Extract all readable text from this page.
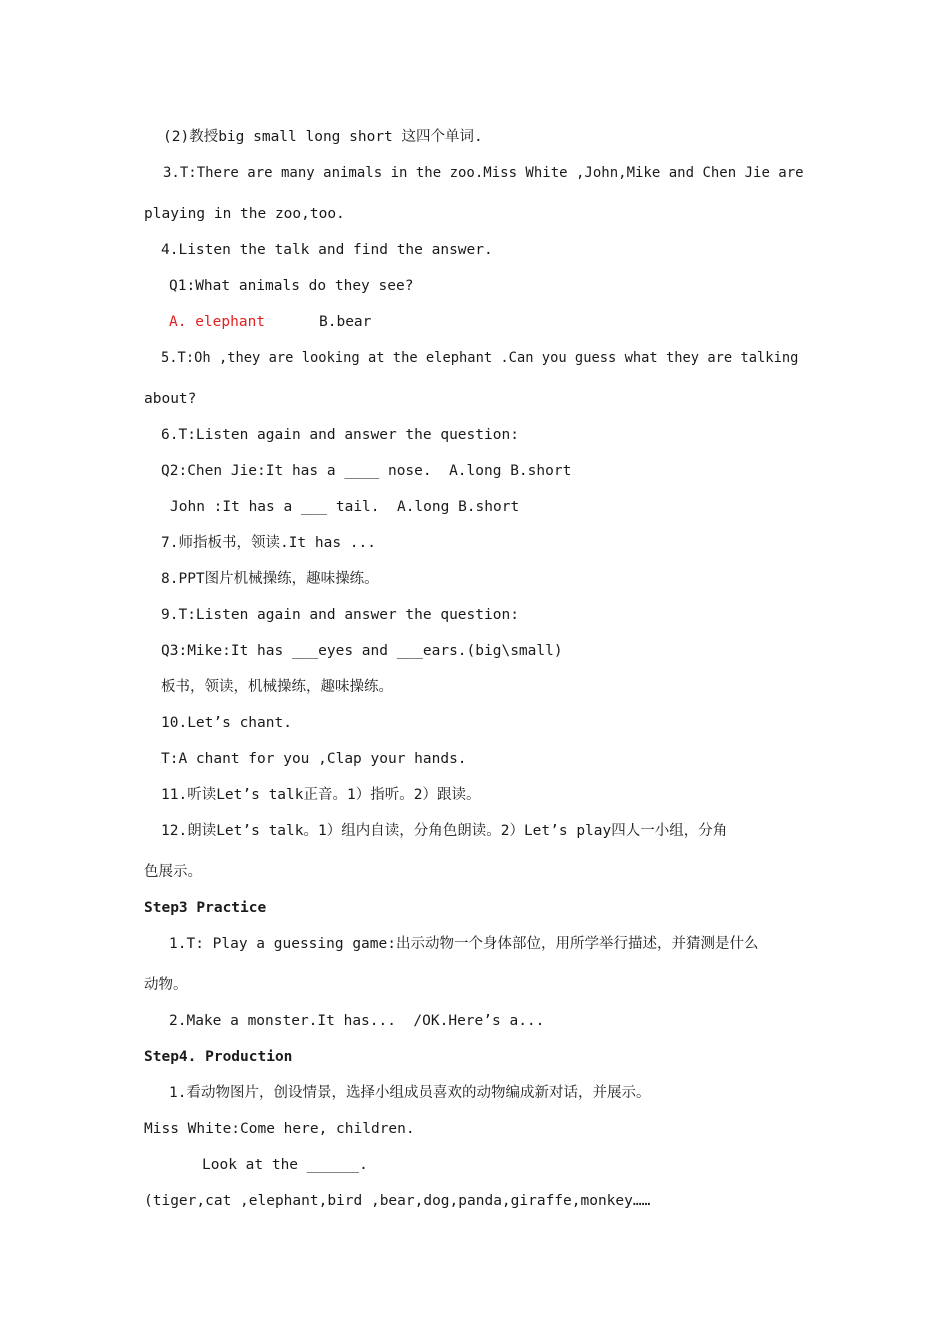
(2)教授big small long short 这四个单词.
3.T:There are many animals in the zoo.Miss White ,John,Mike and Chen Jie are
playing in the zoo,too.
4.Listen the talk and find the answer.
Q1:What animals do they see?
A. elephant	B.bear
5.T:Oh ,they are looking at the elephant .Can you guess what they are talking
about?
6.T:Listen again and answer the question:
Q2:Chen Jie:It has a ____ nose.  A.long B.short
John :It has a ___ tail.  A.long B.short
7.师指板书，领读.It has ...
8.PPT图片机械操练，趣味操练。
9.T:Listen again and answer the question:
Q3:Mike:It has ___eyes and ___ears.(big\small)
板书，领读，机械操练，趣味操练。
10.Let’s chant.
T:A chant for you ,Clap your hands.
11.听读Let’s talk正音。1）指听。2）跟读。
12.朗读Let’s talk。1）组内自读，分角色朗读。2）Let’s play四人一小组，分角
色展示。
Step3 Practice
1.T: Play a guessing game:出示动物一个身体部位，用所学举行描述，并猜测是什么
动物。
2.Make a monster.It has...  /OK.Here’s a...
Step4. Production
1.看动物图片，创设情景，选择小组成员喜欢的动物编成新对话，并展示。
Miss White:Come here, children.
Look at the ______.
(tiger,cat ,elephant,bird ,bear,dog,panda,giraffe,monkey……
